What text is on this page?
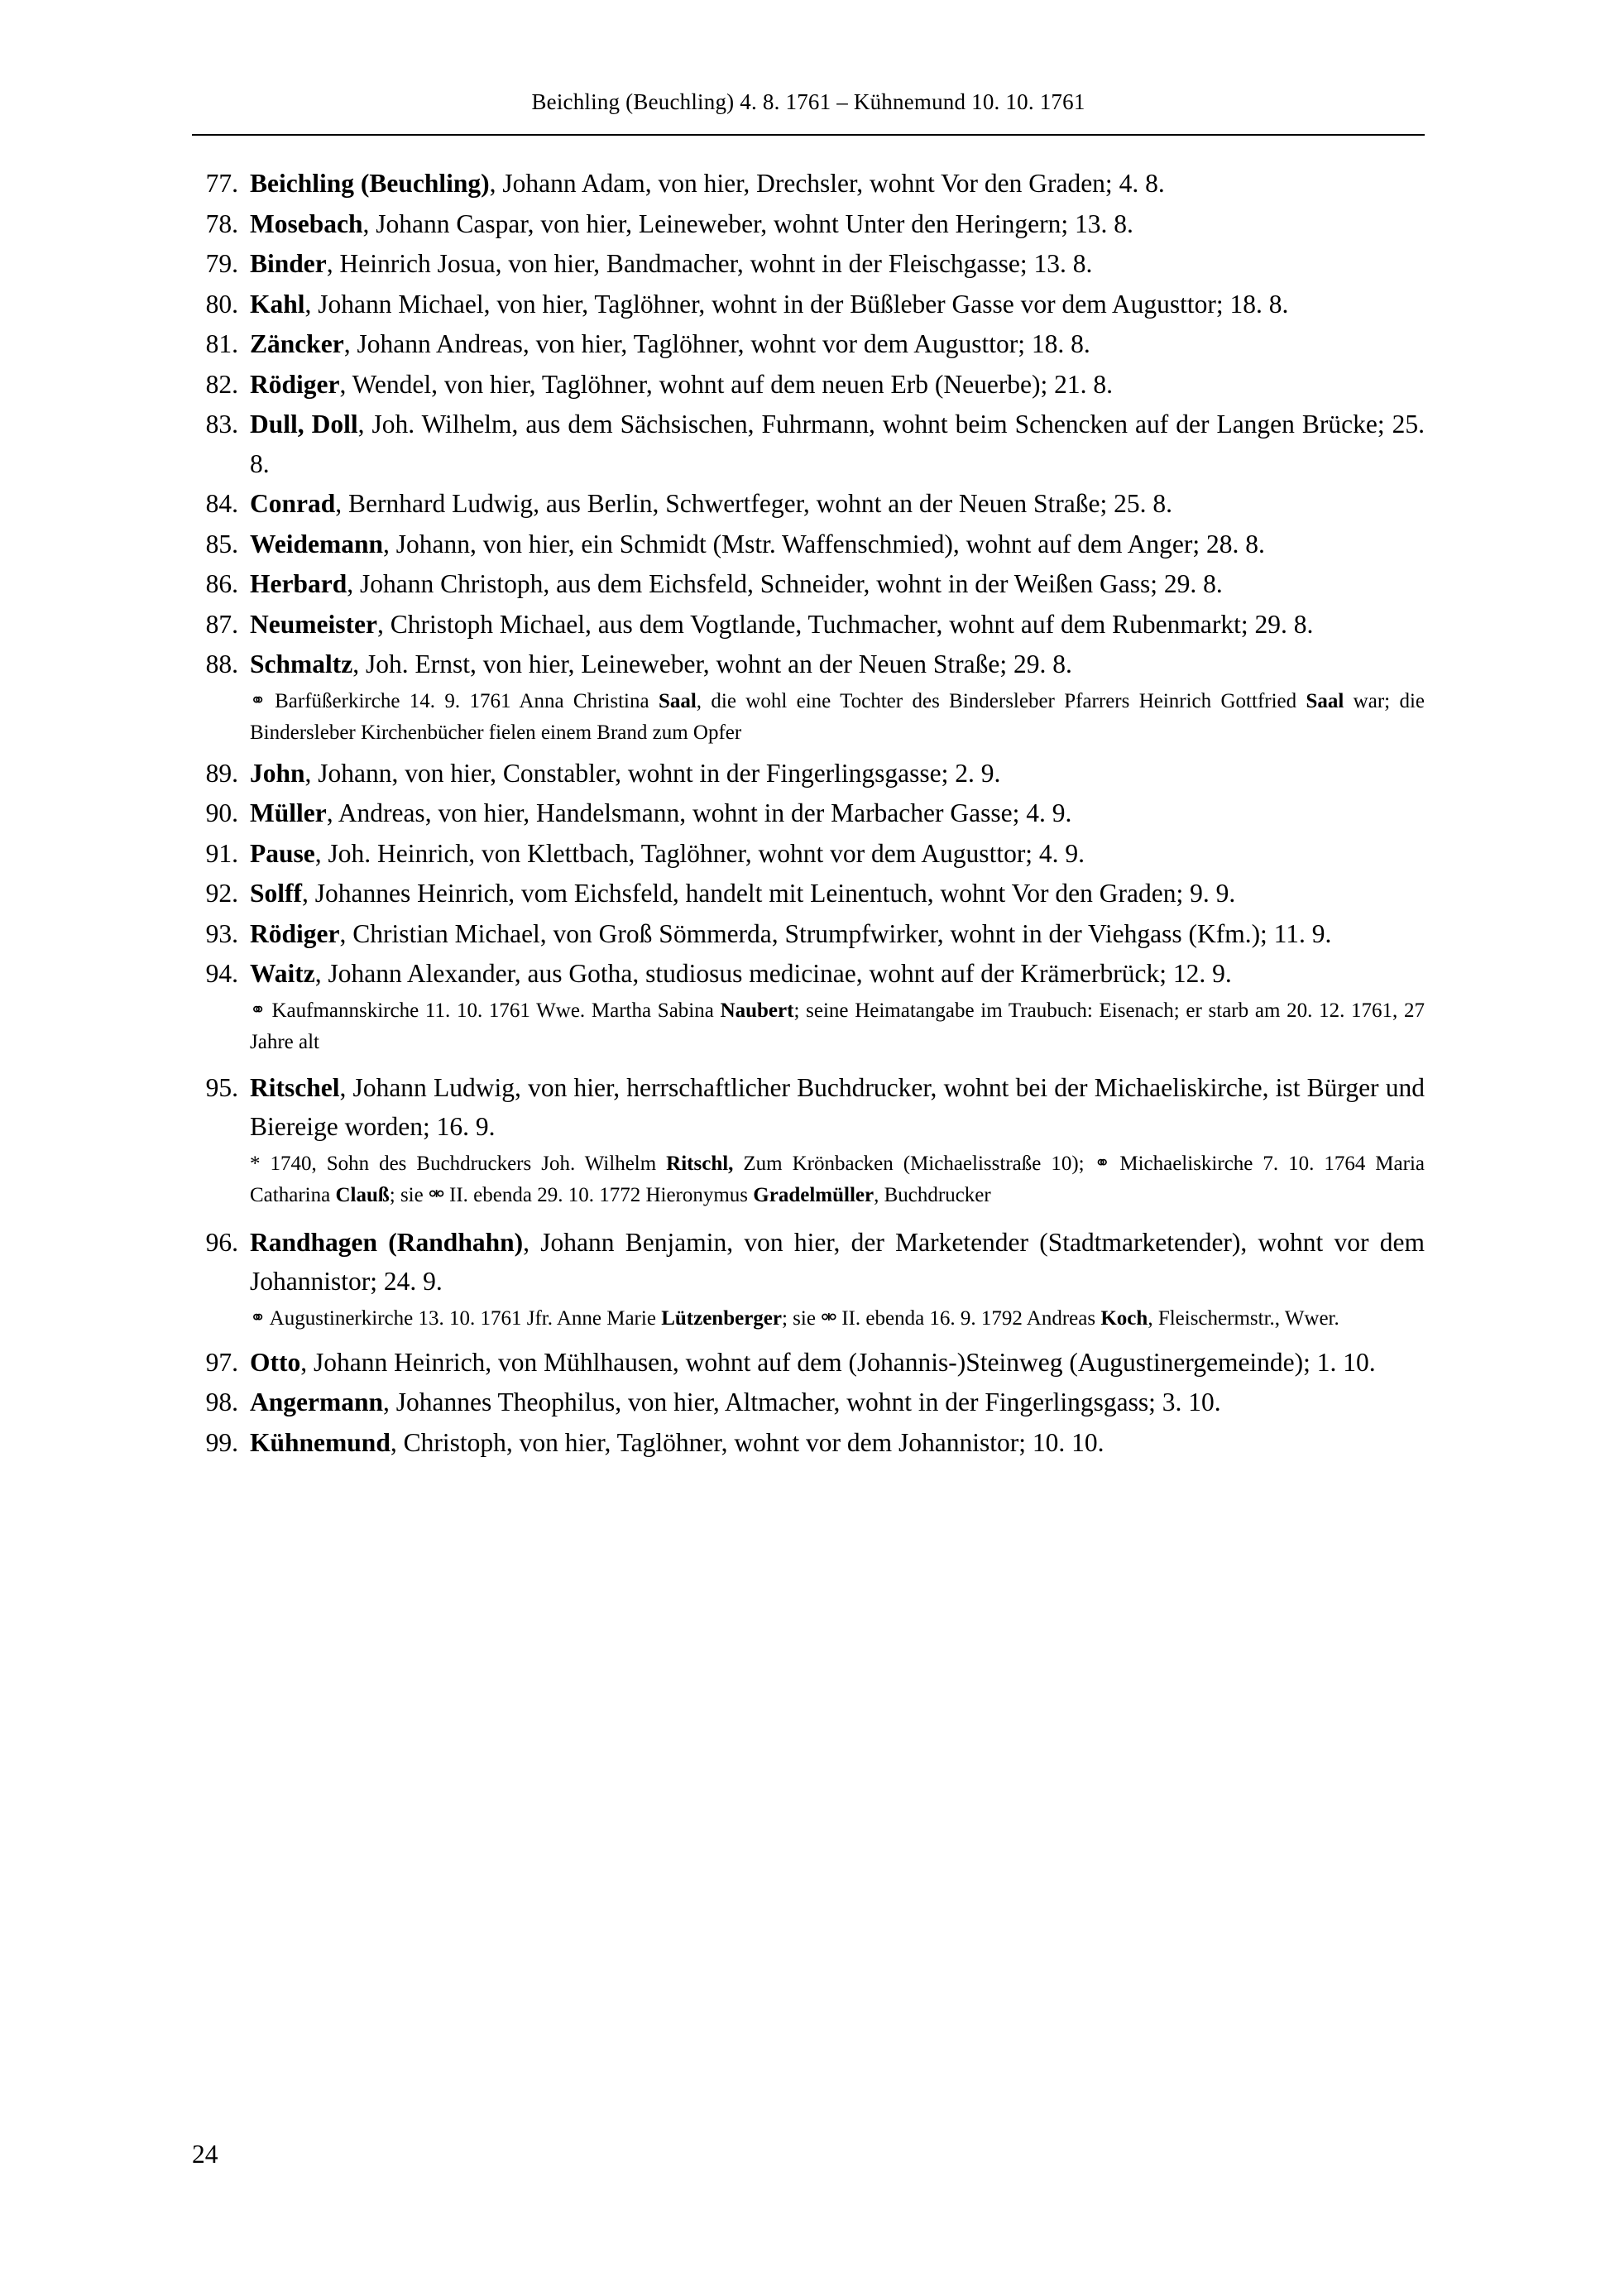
Beichling (Beuchling) 4. 8. 1761 – Kühnemund 10. 10. 1761
77. Beichling (Beuchling), Johann Adam, von hier, Drechsler, wohnt Vor den Graden; 4. 8.
78. Mosebach, Johann Caspar, von hier, Leineweber, wohnt Unter den Heringern; 13. 8.
79. Binder, Heinrich Josua, von hier, Bandmacher, wohnt in der Fleischgasse; 13. 8.
80. Kahl, Johann Michael, von hier, Taglöhner, wohnt in der Büßleber Gasse vor dem Augusttor; 18. 8.
81. Zäncker, Johann Andreas, von hier, Taglöhner, wohnt vor dem Augusttor; 18. 8.
82. Rödiger, Wendel, von hier, Taglöhner, wohnt auf dem neuen Erb (Neuerbe); 21. 8.
83. Dull, Doll, Joh. Wilhelm, aus dem Sächsischen, Fuhrmann, wohnt beim Schencken auf der Langen Brücke; 25. 8.
84. Conrad, Bernhard Ludwig, aus Berlin, Schwertfeger, wohnt an der Neuen Straße; 25. 8.
85. Weidemann, Johann, von hier, ein Schmidt (Mstr. Waffenschmied), wohnt auf dem Anger; 28. 8.
86. Herbard, Johann Christoph, aus dem Eichsfeld, Schneider, wohnt in der Weißen Gass; 29. 8.
87. Neumeister, Christoph Michael, aus dem Vogtlande, Tuchmacher, wohnt auf dem Rubenmarkt; 29. 8.
88. Schmaltz, Joh. Ernst, von hier, Leineweber, wohnt an der Neuen Straße; 29. 8.
⚭ Barfüßerkirche 14. 9. 1761 Anna Christina Saal, die wohl eine Tochter des Bindersleber Pfarrers Heinrich Gottfried Saal war; die Bindersleber Kirchenbücher fielen einem Brand zum Opfer
89. John, Johann, von hier, Constabler, wohnt in der Fingerlingsgasse; 2. 9.
90. Müller, Andreas, von hier, Handelsmann, wohnt in der Marbacher Gasse; 4. 9.
91. Pause, Joh. Heinrich, von Klettbach, Taglöhner, wohnt vor dem Augusttor; 4. 9.
92. Solff, Johannes Heinrich, vom Eichsfeld, handelt mit Leinentuch, wohnt Vor den Graden; 9. 9.
93. Rödiger, Christian Michael, von Groß Sömmerda, Strumpfwirker, wohnt in der Viehgass (Kfm.); 11. 9.
94. Waitz, Johann Alexander, aus Gotha, studiosus medicinae, wohnt auf der Krämerbrück; 12. 9.
⚭ Kaufmannskirche 11. 10. 1761 Wwe. Martha Sabina Naubert; seine Heimatangabe im Traubuch: Eisenach; er starb am 20. 12. 1761, 27 Jahre alt
95. Ritschel, Johann Ludwig, von hier, herrschaftlicher Buchdrucker, wohnt bei der Michaeliskirche, ist Bürger und Biereige worden; 16. 9.
* 1740, Sohn des Buchdruckers Joh. Wilhelm Ritschl, Zum Krönbacken (Michaelisstraße 10); ⚭ Michaeliskirche 7. 10. 1764 Maria Catharina Clauß; sie ⚮ II. ebenda 29. 10. 1772 Hieronymus Gradelmüller, Buchdrucker
96. Randhagen (Randhahn), Johann Benjamin, von hier, der Marketender (Stadtmarketender), wohnt vor dem Johannistor; 24. 9.
⚭ Augustinerkirche 13. 10. 1761 Jfr. Anne Marie Lützenberger; sie ⚮ II. ebenda 16. 9. 1792 Andreas Koch, Fleischermstr., Wwer.
97. Otto, Johann Heinrich, von Mühlhausen, wohnt auf dem (Johannis-)Steinweg (Augustinergemeinde); 1. 10.
98. Angermann, Johannes Theophilus, von hier, Altmacher, wohnt in der Fingerlingsgass; 3. 10.
99. Kühnemund, Christoph, von hier, Taglöhner, wohnt vor dem Johannistor; 10. 10.
24
